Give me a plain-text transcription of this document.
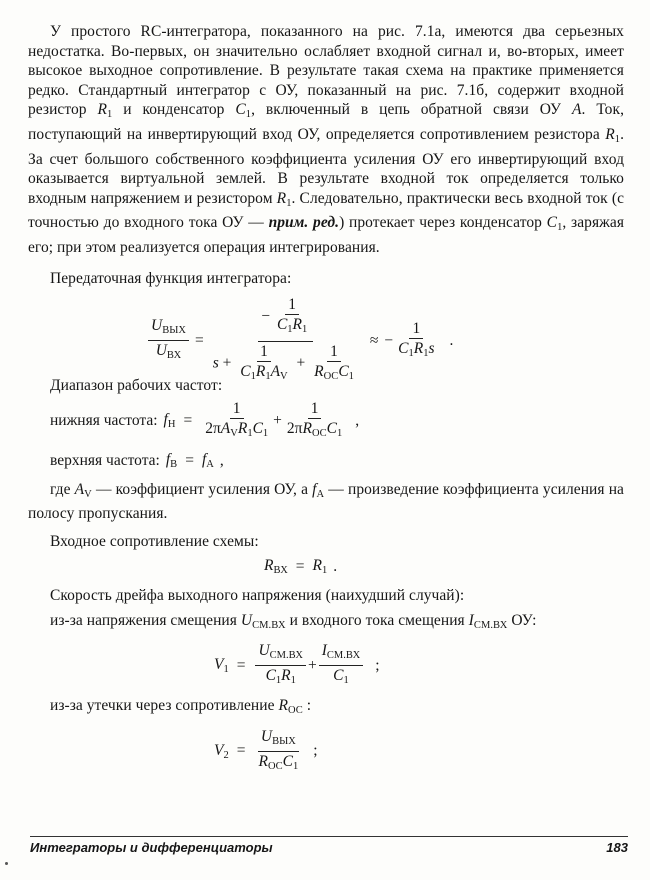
У простого RC-интегратора, показанного на рис. 7.1а, имеются два серьезных недостатка. Во-первых, он значительно ослабляет входной сигнал и, во-вторых, имеет высокое выходное сопротивление. В результате такая схема на практике применяется редко. Стандартный интегратор с ОУ, показанный на рис. 7.1б, содержит входной резистор $R_1$ и конденсатор $C_1$, включенный в цепь обратной связи ОУ A. Ток, поступающий на инвертирующий вход ОУ, определяется сопротивлением резистора $R_1$. За счет большого собственного коэффициента усиления ОУ его инвертирующий вход оказывается виртуальной землей. В результате входной ток определяется только входным напряжением и резистором $R_1$. Следовательно, практически весь входной ток (с точностью до входного тока ОУ — прим. ред.) протекает через конденсатор $C_1$, заряжая его; при этом реализуется операция интегрирования.

Передаточная функция интегратора:

$\frac{U_{ВЫХ}}{U_{ВХ}} = \frac{- \frac{1}{C_1R_1}}{s + \frac{1}{C_1R_1A_V} + \frac{1}{R_{ОС}C_1}}$ ≈ − $\frac{1}{C_1R_1s}$ .

Диапазон рабочих частот:

нижняя частота: $f_Н = \frac{1}{2\pi A_VR_1C_1} + \frac{1}{2\pi R_{ОС}C_1}$ ,
верхняя частота: $f_В = f_A$ ,

где $A_V$ — коэффициент усиления ОУ, а $f_A$ — произведение коэффициента усиления на полосу пропускания.

Входное сопротивление схемы:

$R_{ВХ} = R_1$ .

Скорость дрейфа выходного напряжения (наихудший случай):

из-за напряжения смещения $U_{СМ.ВХ}$ и входного тока смещения $I_{СМ.ВХ}$ ОУ:

$V_1 = \frac{U_{СМ.ВХ}}{C_1R_1} + \frac{I_{СМ.ВХ}}{C_1}$ ;

из-за утечки через сопротивление $R_{ОС}$ :

$V_2 = \frac{U_{ВЫХ}}{R_{ОС}C_1}$ ;
Интеграторы и дифференциаторы	183
